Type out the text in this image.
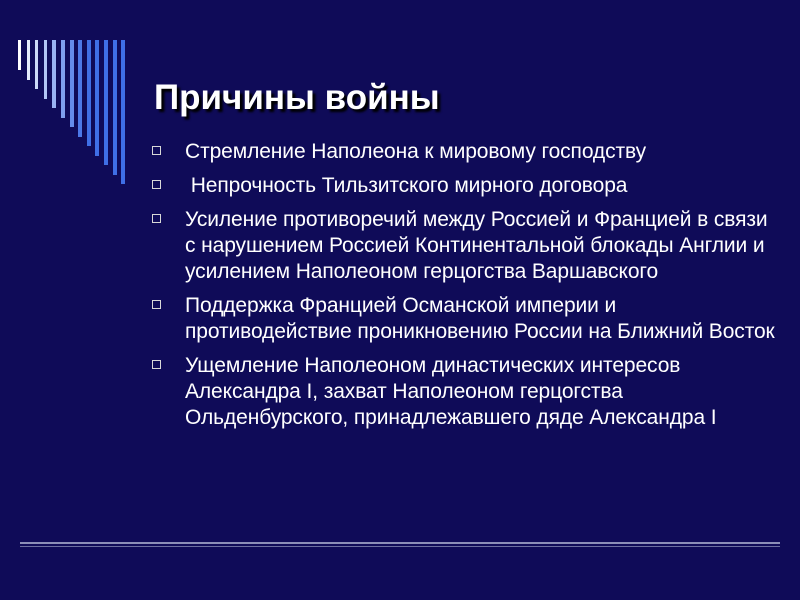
Причины войны
Стремление Наполеона к мировому господству
Непрочность Тильзитского мирного договора
Усиление противоречий между Россией и Францией в связи с нарушением Россией Континентальной блокады Англии и усилением Наполеоном герцогства Варшавского
Поддержка Францией Османской империи и противодействие проникновению России на Ближний Восток
Ущемление Наполеоном династических интересов Александра I, захват Наполеоном герцогства Ольденбурского, принадлежавшего дяде Александра I
